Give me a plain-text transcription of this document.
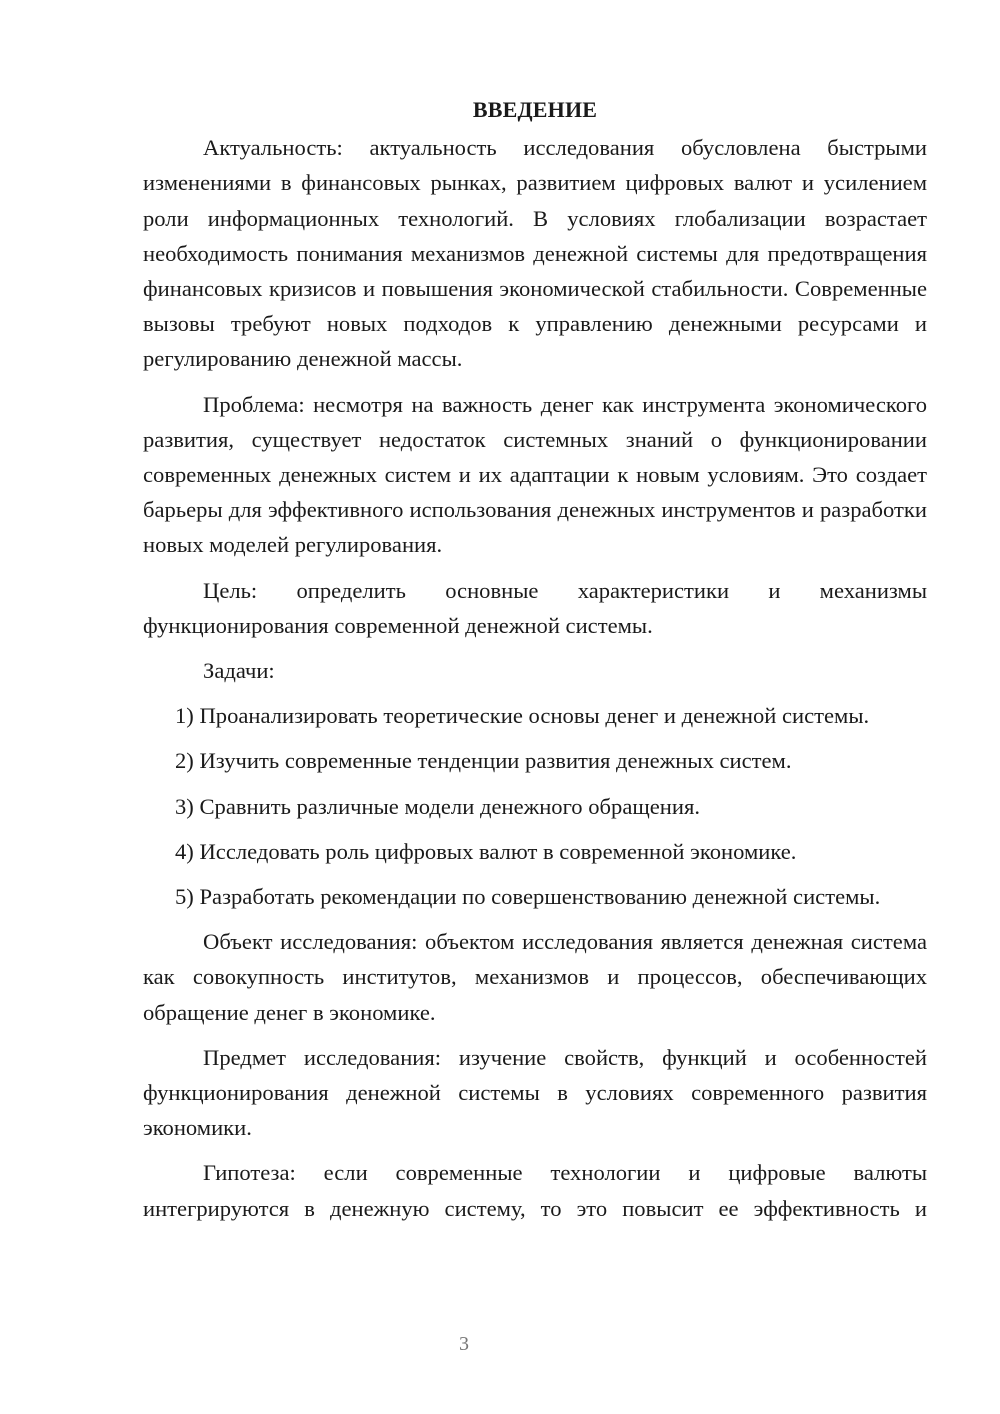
ВВЕДЕНИЕ

Актуальность: актуальность исследования обусловлена быстрыми изменениями в финансовых рынках, развитием цифровых валют и усилением роли информационных технологий. В условиях глобализации возрастает необходимость понимания механизмов денежной системы для предотвращения финансовых кризисов и повышения экономической стабильности. Современные вызовы требуют новых подходов к управлению денежными ресурсами и регулированию денежной массы.

Проблема: несмотря на важность денег как инструмента экономического развития, существует недостаток системных знаний о функционировании современных денежных систем и их адаптации к новым условиям. Это создает барьеры для эффективного использования денежных инструментов и разработки новых моделей регулирования.

Цель: определить основные характеристики и механизмы функционирования современной денежной системы.

Задачи:

1) Проанализировать теоретические основы денег и денежной системы.

2) Изучить современные тенденции развития денежных систем.

3) Сравнить различные модели денежного обращения.

4) Исследовать роль цифровых валют в современной экономике.

5) Разработать рекомендации по совершенствованию денежной системы.

Объект исследования: объектом исследования является денежная система как совокупность институтов, механизмов и процессов, обеспечивающих обращение денег в экономике.

Предмет исследования: изучение свойств, функций и особенностей функционирования денежной системы в условиях современного развития экономики.

Гипотеза: если современные технологии и цифровые валюты интегрируются в денежную систему, то это повысит ее эффективность и

3
